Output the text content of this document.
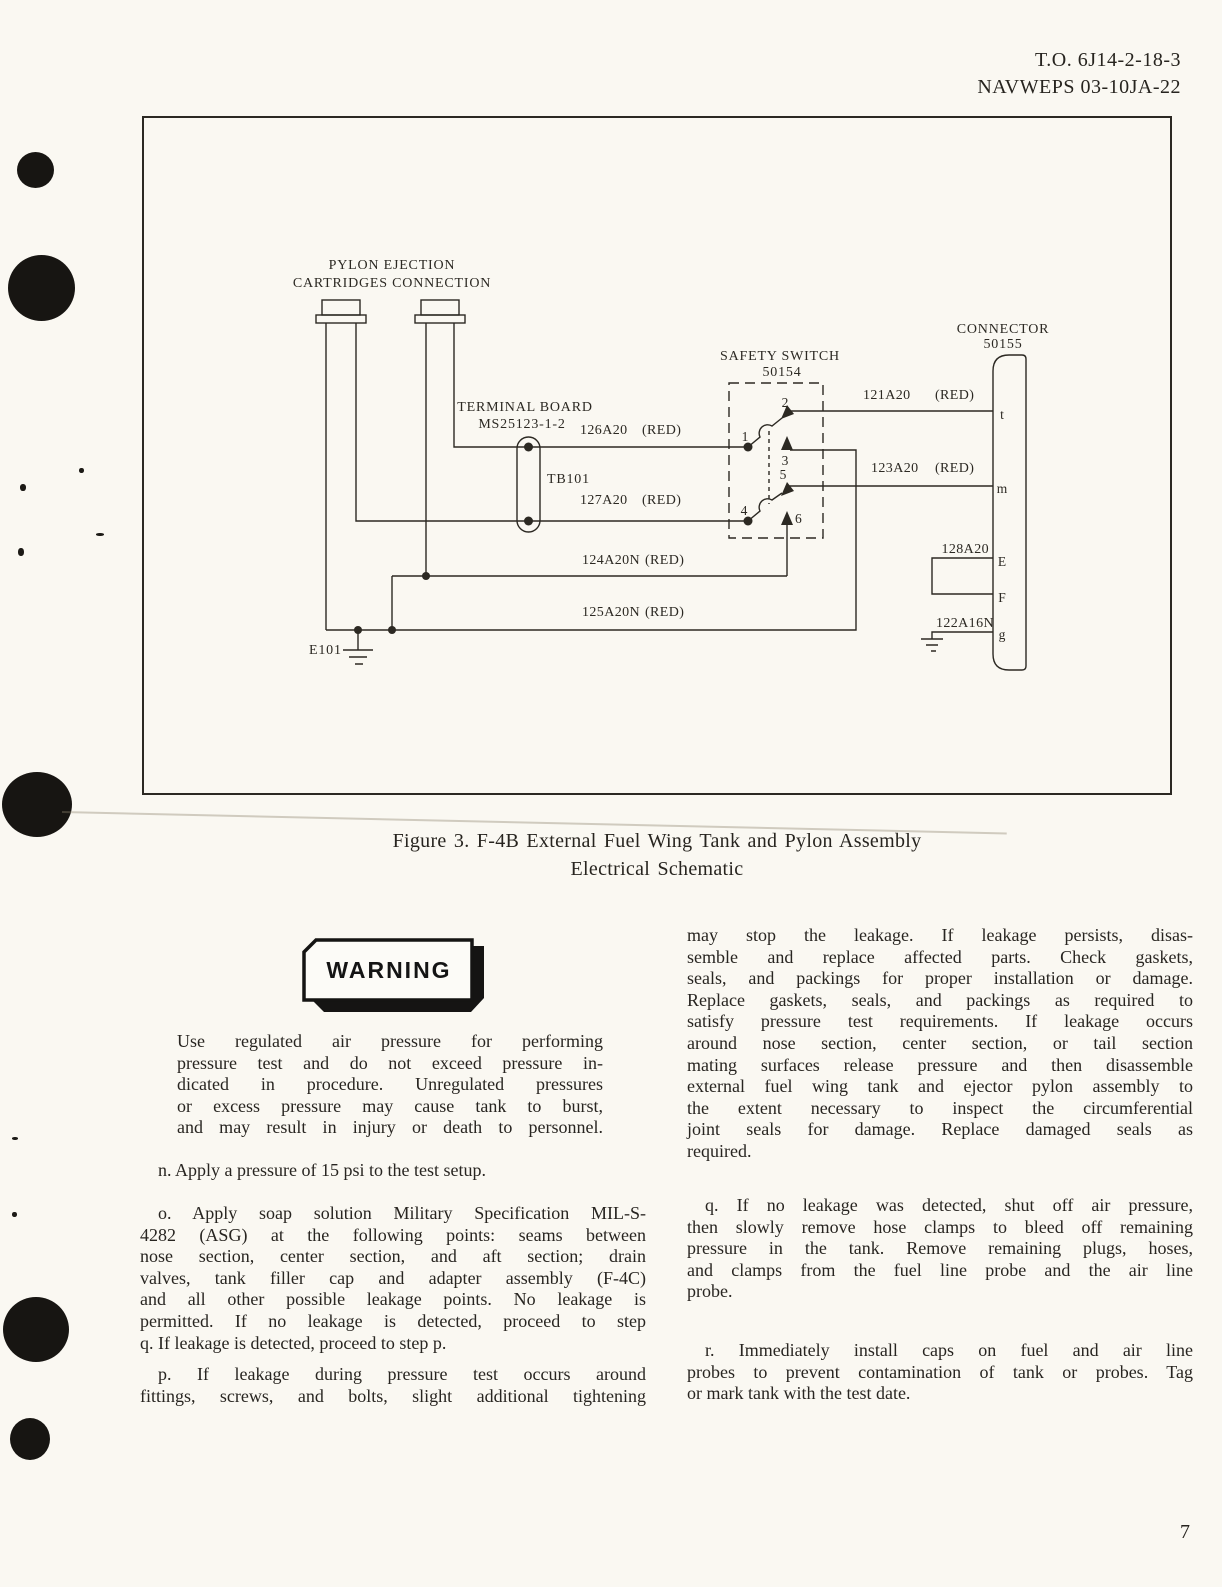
T.O. 6J14-2-18-3
NAVWEPS 03-10JA-22
PYLON EJECTION
CARTRIDGES CONNECTION
TERMINAL BOARD
MS25123-1-2
TB101
SAFETY SWITCH
50154
CONNECTOR
50155
E101
126A20 (RED)
127A20 (RED)
124A20N (RED)
125A20N (RED)
121A20 (RED)
123A20 (RED)
128A20
122A16N
1
2
3
5
4
6
t
m
E
F
g
Figure 3. F-4B External Fuel Wing Tank and Pylon Assembly
Electrical Schematic
WARNING
Use regulated air pressure for performing
pressure test and do not exceed pressure in-
dicated in procedure. Unregulated pressures
or excess pressure may cause tank to burst,
and may result in injury or death to personnel.
n. Apply a pressure of 15 psi to the test setup.
o. Apply soap solution Military Specification MIL-S-
4282 (ASG) at the following points: seams between
nose section, center section, and aft section; drain
valves, tank filler cap and adapter assembly (F-4C)
and all other possible leakage points. No leakage is
permitted. If no leakage is detected, proceed to step
q. If leakage is detected, proceed to step p.
p. If leakage during pressure test occurs around
fittings, screws, and bolts, slight additional tightening
may stop the leakage. If leakage persists, disas-
semble and replace affected parts. Check gaskets,
seals, and packings for proper installation or damage.
Replace gaskets, seals, and packings as required to
satisfy pressure test requirements. If leakage occurs
around nose section, center section, or tail section
mating surfaces release pressure and then disassemble
external fuel wing tank and ejector pylon assembly to
the extent necessary to inspect the circumferential
joint seals for damage. Replace damaged seals as
required.
q. If no leakage was detected, shut off air pressure,
then slowly remove hose clamps to bleed off remaining
pressure in the tank. Remove remaining plugs, hoses,
and clamps from the fuel line probe and the air line
probe.
r. Immediately install caps on fuel and air line
probes to prevent contamination of tank or probes. Tag
or mark tank with the test date.
7
